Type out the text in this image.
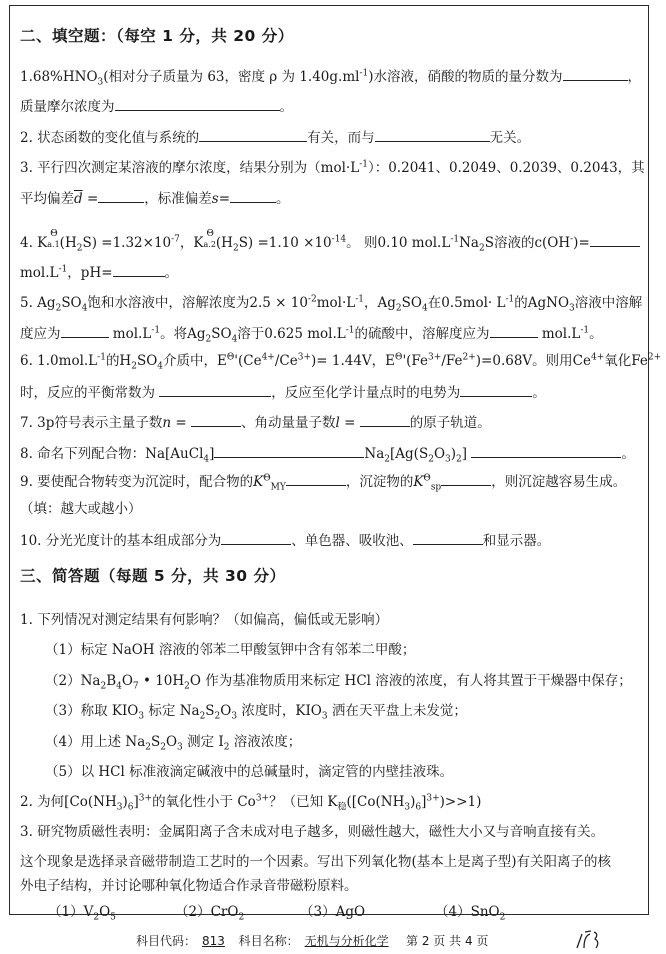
二、填空题：（每空 1 分，共 20 分）
$1.68\%HNO_3$(相对分子质量为 63，密度 ρ 为 $1.40g.ml^{-1}$)水溶液，硝酸的物质的量分数为	，
质量摩尔浓度为	。
2. 状态函数的变化值与系统的	有关，而与	无关。
3. 平行四次测定某溶液的摩尔浓度，结果分别为$(mol\cdot L^{-1})$：0.2041、0.2049、0.2039、0.2043，其
平均偏差$\overline{d}$ =	，标准偏差s=	。
4. K
Θ
$a.1(H_2S) =1.32\times 10^{-7}$，K
Θ
$a.2(H_2S) =1.10 \times 10^{-14}$。 则0.10 $mol.L^{-1}Na_2S$溶液的c(OH-)=
$mol.L^{-1}$，pH=	。
5. $Ag_2SO_4$饱和水溶液中，溶解浓度为$2.5 \times 10^{-2}mol\cdot L^{-1}$，$Ag_2SO_4$在$0.5mol\cdot L^{-1}$的AgNO$_3$溶液中溶解
度应为	$mol.L^{-1}$。将$Ag_2SO_4$溶于0.625 $mol.L^{-1}$的硫酸中，溶解度应为	$mol.L^{-1}$。
6. $1.0mol.L^{-1}$的$H_2SO_4$介质中，$E^\Theta'(Ce^{4+}/Ce^{3+})= 1.44V$，$E^\Theta'(Fe^{3+}/Fe^{2+})=0.68V$。则用$Ce^{4+}$氧化$Fe^{2+}$
时，反应的平衡常数为	，反应至化学计量点时的电势为	。
7. 3p符号表示主量子数n =	、角动量量子数l =	的原子轨道。
8. 命名下列配合物：Na[AuCl$_4$]	$Na_2[Ag(S_2O_3)_2]$	。
9. 要使配合物转变为沉淀时，配合物的$K^\Theta_{MY}$	，沉淀物的$K^\Theta_{sp}$	，则沉淀越容易生成。
（填：越大或越小）
10. 分光光度计的基本组成部分为	、单色器、吸收池、	和显示器。
三、简答题（每题 5 分，共 30 分）
1. 下列情况对测定结果有何影响？（如偏高，偏低或无影响）
（1）标定 NaOH 溶液的邻苯二甲酸氢钾中含有邻苯二甲酸；
$(2)Na_2B_4O_7$ • $10H_2O$ 作为基准物质用来标定 HCl 溶液的浓度，有人将其置于干燥器中保存；
（3）称取 $KIO_3$ 标定 $Na_2S_2O_3$ 浓度时，$KIO_3$ 洒在天平盘上未发觉；
（4）用上述 $Na_2S_2O_3$ 测定 $I_2$ 溶液浓度；
（5）以 HCl 标准液滴定碱液中的总碱量时，滴定管的内壁挂液珠。
2. 为何$[Co(NH_3)_6]^{3+}$的氧化性小于 $Co^{3+}$？（已知 $K_稳([Co(NH_3)_6]^{3+})>>1$)
3. 研究物质磁性表明：金属阳离子含未成对电子越多，则磁性越大，磁性大小又与音响直接有关。
这个现象是选择录音磁带制造工艺时的一个因素。写出下列氧化物(基本上是离子型)有关阳离子的核
外电子结构，并讨论哪种氧化物适合作录音带磁粉原料。
$(1)V_2O_5$	（2）CrO$_2$	（3）AgO	（4）SnO$_2$
科目代码： 813 科目名称： 无机与分析化学 第 2 页 共 4 页
